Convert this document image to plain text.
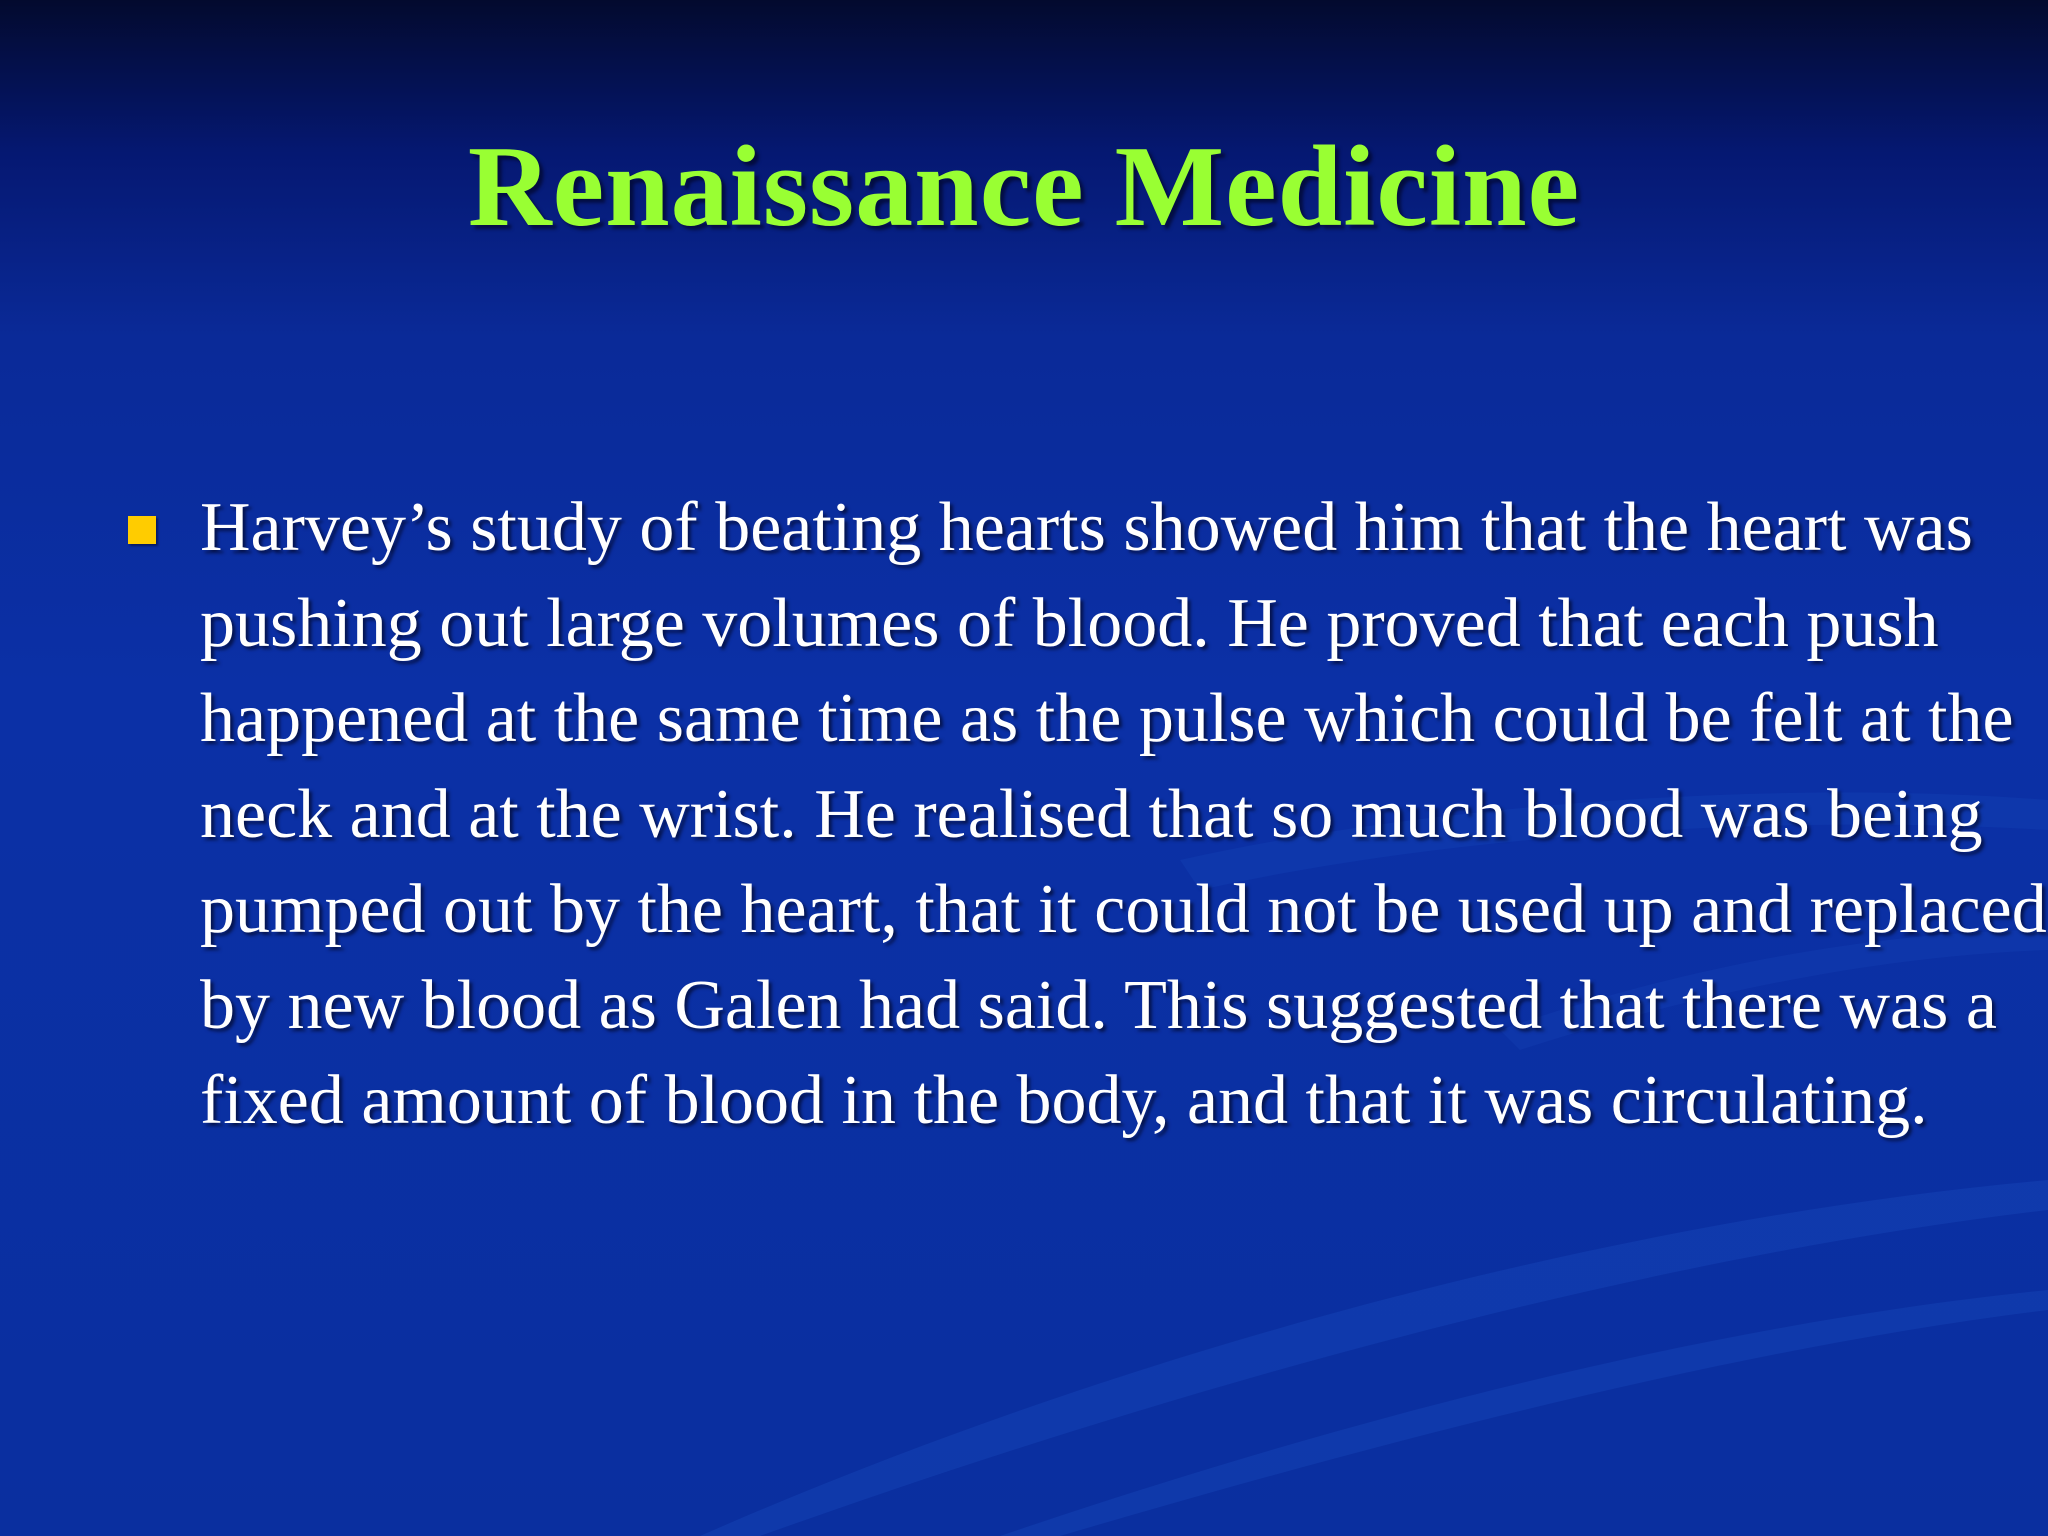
Renaissance Medicine
Harvey’s study of beating hearts showed him that the heart was pushing out large volumes of blood. He proved that each push happened at the same time as the pulse which could be felt at the neck and at the wrist. He realised that so much blood was being pumped out by the heart, that it could not be used up and replaced by new blood as Galen had said. This suggested that there was a fixed amount of blood in the body, and that it was circulating.
